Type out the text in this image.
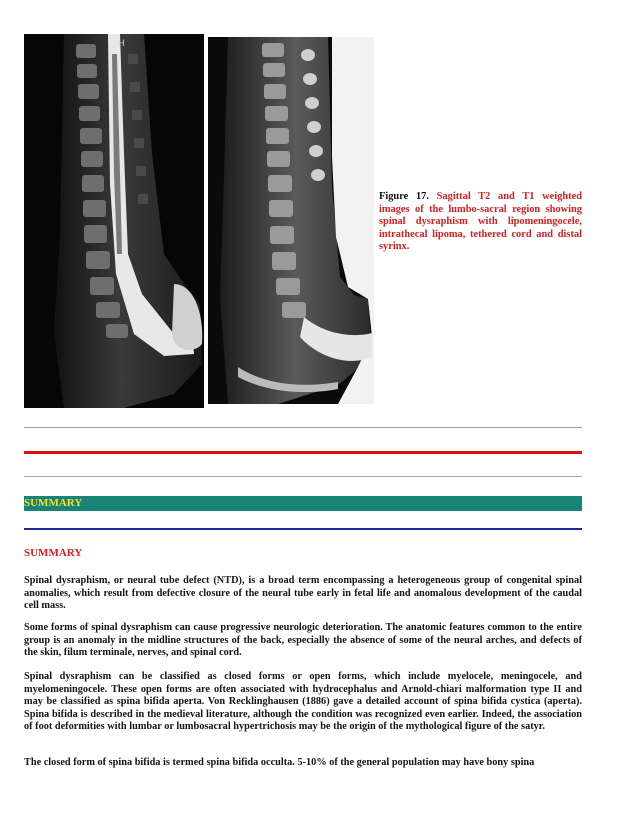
H
Figure 17. Sagittal T2 and T1 weighted images of the lumbo-sacral region showing spinal dysraphism with lipomeningocele, intrathecal lipoma, tethered cord and distal syrinx.
SUMMARY
SUMMARY

Spinal dysraphism, or neural tube defect (NTD), is a broad term encompassing a heterogeneous group of congenital spinal anomalies, which result from defective closure of the neural tube early in fetal life and anomalous development of the caudal cell mass.

Some forms of spinal dysraphism can cause progressive neurologic deterioration. The anatomic features common to the entire group is an anomaly in the midline structures of the back, especially the absence of some of the neural arches, and defects of the skin, filum terminale, nerves, and spinal cord.

Spinal dysraphism can be classified as closed forms or open forms, which include myelocele, meningocele, and myelomeningocele. These open forms are often associated with hydrocephalus and Arnold-chiari malformation type II and may be classified as spina bifida aperta. Von Recklinghausen (1886) gave a detailed account of spina bifida cystica (aperta). Spina bifida is described in the medieval literature, although the condition was recognized even earlier. Indeed, the association of foot deformities with lumbar or lumbosacral hypertrichosis may be the origin of the mythological figure of the satyr.

The closed form of spina bifida is termed spina bifida occulta. 5-10% of the general population may have bony spina
